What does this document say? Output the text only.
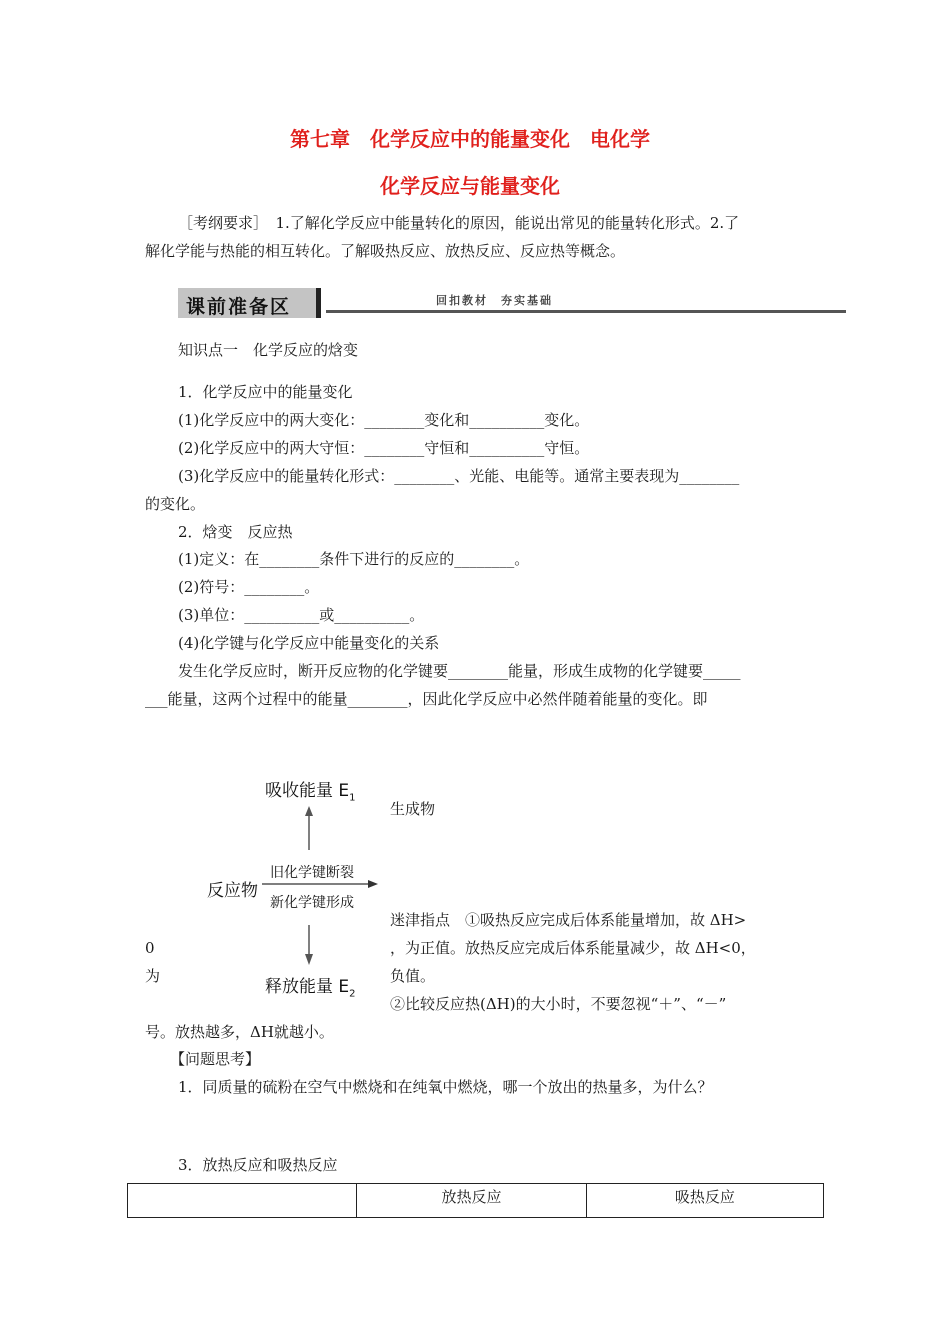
第七章　化学反应中的能量变化　电化学
化学反应与能量变化
［考纲要求］　1.了解化学反应中能量转化的原因，能说出常见的能量转化形式。2.了
解化学能与热能的相互转化。了解吸热反应、放热反应、反应热等概念。
课前准备区	回扣教材　夯实基础
知识点一　化学反应的焓变
1．化学反应中的能量变化
(1)化学反应中的两大变化：________变化和__________变化。
(2)化学反应中的两大守恒：________守恒和__________守恒。
(3)化学反应中的能量转化形式：________、光能、电能等。通常主要表现为________
的变化。
2．焓变　反应热
(1)定义：在________条件下进行的反应的________。
(2)符号：________。
(3)单位：__________或__________。
(4)化学键与化学反应中能量变化的关系
发生化学反应时，断开反应物的化学键要________能量，形成生成物的化学键要_____
___能量，这两个过程中的能量________，因此化学反应中必然伴随着能量的变化。即
吸收能量 $E_1$
旧化学键断裂
新化学键形成
反应物
释放能量 $E_2$
生成物
迷津指点　①吸热反应完成后体系能量增加，故 ΔH>
0	，为正值。放热反应完成后体系能量减少，故 ΔH<0，
为	负值。
②比较反应热(ΔH)的大小时，不要忽视“＋”、“－”
号。放热越多，ΔH就越小。
【问题思考】
1．同质量的硫粉在空气中燃烧和在纯氧中燃烧，哪一个放出的热量多，为什么？
3．放热反应和吸热反应
	放热反应	吸热反应
